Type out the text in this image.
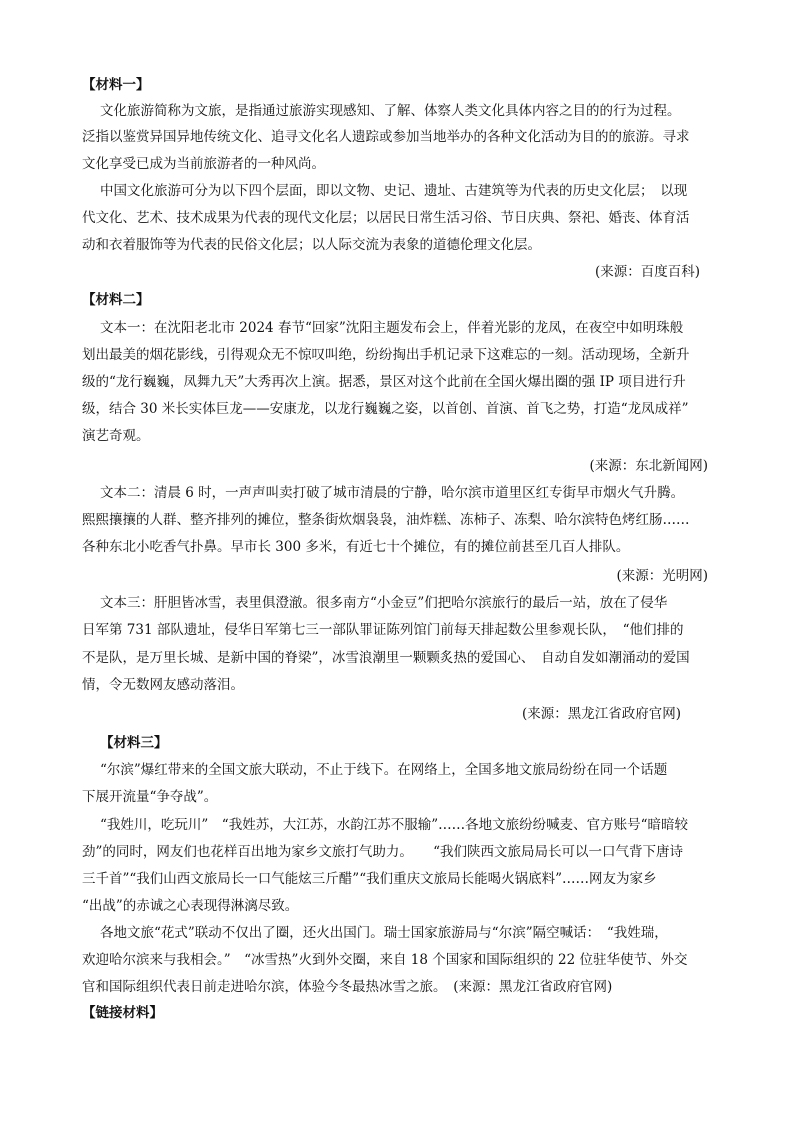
【材料一】
文化旅游简称为文旅，是指通过旅游实现感知、了解、体察人类文化具体内容之目的的行为过程。
泛指以鉴赏异国异地传统文化、追寻文化名人遗踪或参加当地举办的各种文化活动为目的的旅游。寻求
文化享受已成为当前旅游者的一种风尚。
中国文化旅游可分为以下四个层面，即以文物、史记、遗址、古建筑等为代表的历史文化层；　以现
代文化、艺术、技术成果为代表的现代文化层；以居民日常生活习俗、节日庆典、祭祀、婚丧、体育活
动和衣着服饰等为代表的民俗文化层；以人际交流为表象的道德伦理文化层。
(来源：百度百科)
【材料二】
文本一：在沈阳老北市 2024 春节“回家”沈阳主题发布会上，伴着光影的龙凤，在夜空中如明珠般
划出最美的烟花影线，引得观众无不惊叹叫绝，纷纷掏出手机记录下这难忘的一刻。活动现场，全新升
级的“龙行巍巍，凤舞九天”大秀再次上演。据悉，景区对这个此前在全国火爆出圈的强 IP 项目进行升
级，结合 30 米长实体巨龙——安康龙，以龙行巍巍之姿，以首创、首演、首飞之势，打造“龙凤成祥”
演艺奇观。
(来源：东北新闻网)
文本二：清晨 6 时，一声声叫卖打破了城市清晨的宁静，哈尔滨市道里区红专街早市烟火气升腾。
熙熙攘攘的人群、整齐排列的摊位，整条街炊烟袅袅，油炸糕、冻柿子、冻梨、哈尔滨特色烤红肠……
各种东北小吃香气扑鼻。早市长 300 多米，有近七十个摊位，有的摊位前甚至几百人排队。
(来源：光明网)
文本三：肝胆皆冰雪，表里俱澄澈。很多南方“小金豆”们把哈尔滨旅行的最后一站，放在了侵华
日军第 731 部队遗址，侵华日军第七三一部队罪证陈列馆门前每天排起数公里参观长队，　“他们排的
不是队，是万里长城、是新中国的脊梁”，冰雪浪潮里一颗颗炙热的爱国心、　自动自发如潮涌动的爱国
情，令无数网友感动落泪。
(来源：黑龙江省政府官网)
【材料三】
“尔滨”爆红带来的全国文旅大联动，不止于线下。在网络上，全国多地文旅局纷纷在同一个话题
下展开流量“争夺战”。
“我姓川，吃玩川”　“我姓苏，大江苏，水韵江苏不服输”……各地文旅纷纷喊麦、官方账号“暗暗较
劲”的同时，网友们也花样百出地为家乡文旅打气助力。　　“我们陕西文旅局局长可以一口气背下唐诗
三千首”“我们山西文旅局长一口气能炫三斤醋”“我们重庆文旅局长能喝火锅底料”……网友为家乡
“出战”的赤诚之心表现得淋漓尽致。
各地文旅“花式”联动不仅出了圈，还火出国门。瑞士国家旅游局与“尔滨”隔空喊话：　“我姓瑞，
欢迎哈尔滨来与我相会。”　“冰雪热”火到外交圈，来自 18 个国家和国际组织的 22 位驻华使节、外交
官和国际组织代表日前走进哈尔滨，体验今冬最热冰雪之旅。　(来源：黑龙江省政府官网)
【链接材料】
